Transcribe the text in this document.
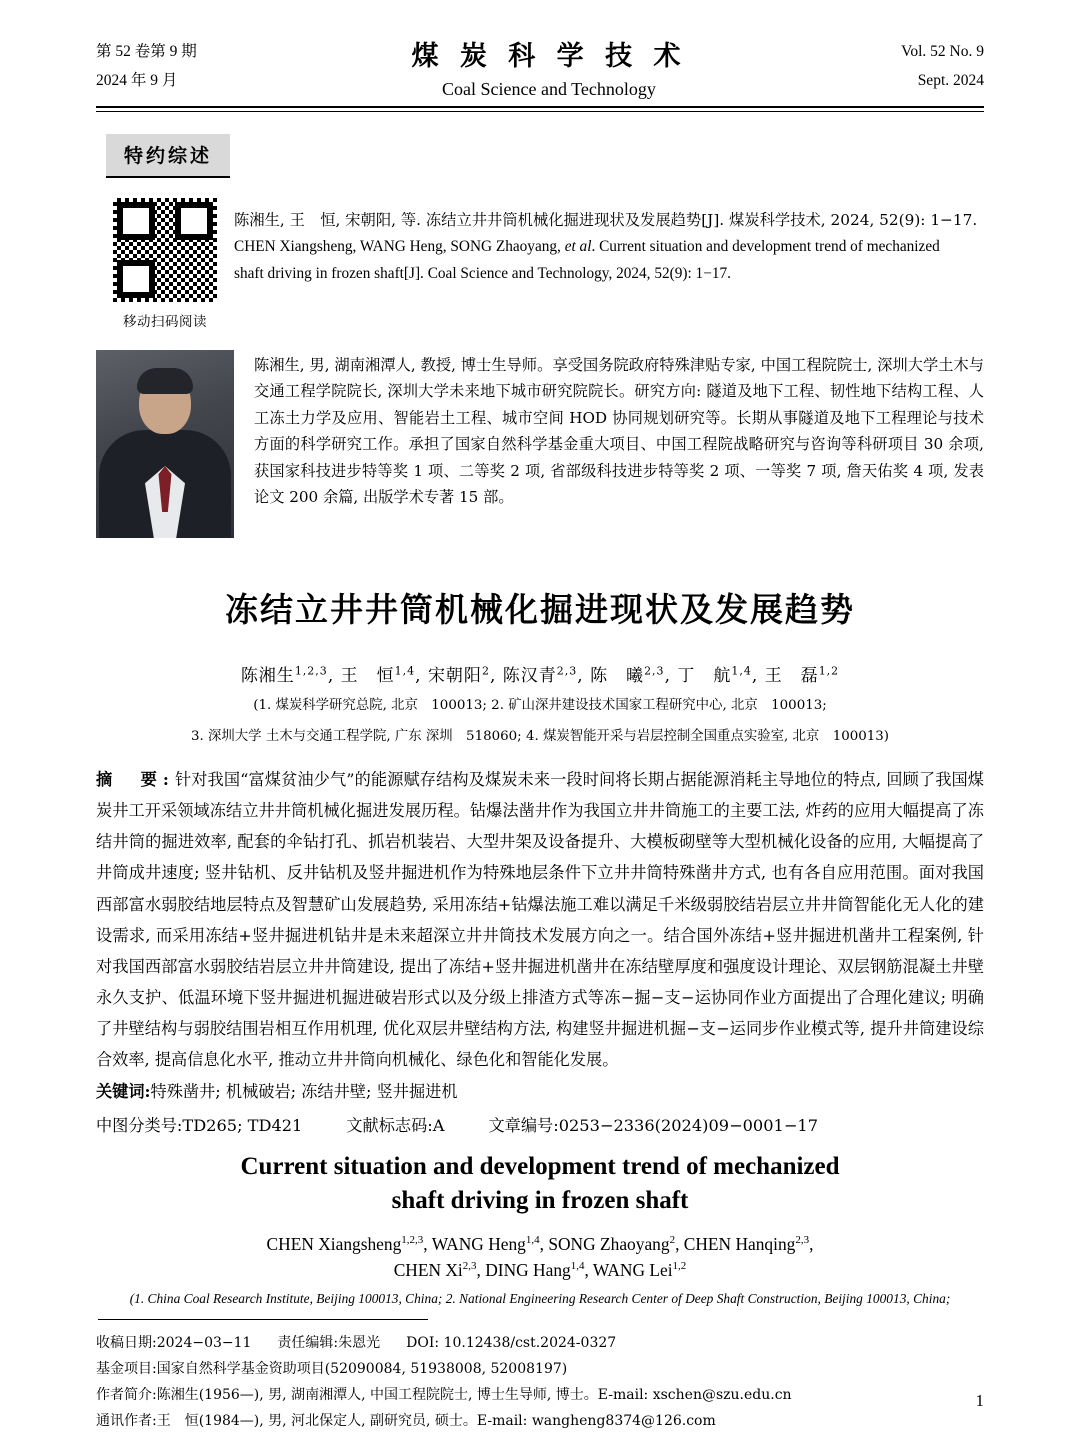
第 52 卷第 9 期
2024 年 9 月
煤 炭 科 学 技 术
Coal Science and Technology
Vol. 52 No. 9
Sept. 2024
特约综述
移动扫码阅读

陈湘生, 王　恒, 宋朝阳, 等. 冻结立井井筒机械化掘进现状及发展趋势[J]. 煤炭科学技术, 2024, 52(9): 1−17.

CHEN Xiangsheng, WANG Heng, SONG Zhaoyang, et al. Current situation and development trend of mechanized

shaft driving in frozen shaft[J]. Coal Science and Technology, 2024, 52(9): 1−17.

陈湘生, 男, 湖南湘潭人, 教授, 博士生导师。享受国务院政府特殊津贴专家, 中国工程院院士, 深圳大学土木与交通工程学院院长, 深圳大学未来地下城市研究院院长。研究方向: 隧道及地下工程、韧性地下结构工程、人工冻土力学及应用、智能岩土工程、城市空间 HOD 协同规划研究等。长期从事隧道及地下工程理论与技术方面的科学研究工作。承担了国家自然科学基金重大项目、中国工程院战略研究与咨询等科研项目 30 余项, 获国家科技进步特等奖 1 项、二等奖 2 项, 省部级科技进步特等奖 2 项、一等奖 7 项, 詹天佑奖 4 项, 发表论文 200 余篇, 出版学术专著 15 部。
冻结立井井筒机械化掘进现状及发展趋势
陈湘生$^{1,2,3}$, 王　恒$^{1,4}$, 宋朝阳$^2$, 陈汉青$^{2,3}$, 陈　曦$^{2,3}$, 丁　航$^{1,4}$, 王　磊$^{1,2}$
(1. 煤炭科学研究总院, 北京　100013; 2. 矿山深井建设技术国家工程研究中心, 北京　100013;
3. 深圳大学 土木与交通工程学院, 广东 深圳　518060; 4. 煤炭智能开采与岩层控制全国重点实验室, 北京　100013)
摘　要:针对我国“富煤贫油少气”的能源赋存结构及煤炭未来一段时间将长期占据能源消耗主导地位的特点, 回顾了我国煤炭井工开采领域冻结立井井筒机械化掘进发展历程。钻爆法凿井作为我国立井井筒施工的主要工法, 炸药的应用大幅提高了冻结井筒的掘进效率, 配套的伞钻打孔、抓岩机装岩、大型井架及设备提升、大模板砌壁等大型机械化设备的应用, 大幅提高了井筒成井速度; 竖井钻机、反井钻机及竖井掘进机作为特殊地层条件下立井井筒特殊凿井方式, 也有各自应用范围。面对我国西部富水弱胶结地层特点及智慧矿山发展趋势, 采用冻结+钻爆法施工难以满足千米级弱胶结岩层立井井筒智能化无人化的建设需求, 而采用冻结+竖井掘进机钻井是未来超深立井井筒技术发展方向之一。结合国外冻结+竖井掘进机凿井工程案例, 针对我国西部富水弱胶结岩层立井井筒建设, 提出了冻结+竖井掘进机凿井在冻结壁厚度和强度设计理论、双层钢筋混凝土井壁永久支护、低温环境下竖井掘进机掘进破岩形式以及分级上排渣方式等冻−掘−支−运协同作业方面提出了合理化建议; 明确了井壁结构与弱胶结围岩相互作用机理, 优化双层井壁结构方法, 构建竖井掘进机掘−支−运同步作业模式等, 提升井筒建设综合效率, 提高信息化水平, 推动立井井筒向机械化、绿色化和智能化发展。
关键词:特殊凿井; 机械破岩; 冻结井壁; 竖井掘进机
中图分类号:TD265; TD421	文献标志码:A	文章编号:0253−2336(2024)09−0001−17
Current situation and development trend of mechanized
shaft driving in frozen shaft
CHEN Xiangsheng$^{1,2,3}$, WANG Heng$^{1,4}$, SONG Zhaoyang$^2$, CHEN Hanqing$^{2,3}$,
CHEN Xi$^{2,3}$, DING Hang$^{1,4}$, WANG Lei$^{1,2}$
(1. China Coal Research Institute, Beijing 100013, China; 2. National Engineering Research Center of Deep Shaft Construction, Beijing 100013, China;
收稿日期:2024−03−11 责任编辑:朱恩光 DOI: 10.12438/cst.2024-0327
基金项目:国家自然科学基金资助项目(52090084, 51938008, 52008197)
作者简介:陈湘生(1956—), 男, 湖南湘潭人, 中国工程院院士, 博士生导师, 博士。E-mail: xschen@szu.edu.cn
通讯作者:王　恒(1984—), 男, 河北保定人, 副研究员, 硕士。E-mail: wangheng8374@126.com
1
